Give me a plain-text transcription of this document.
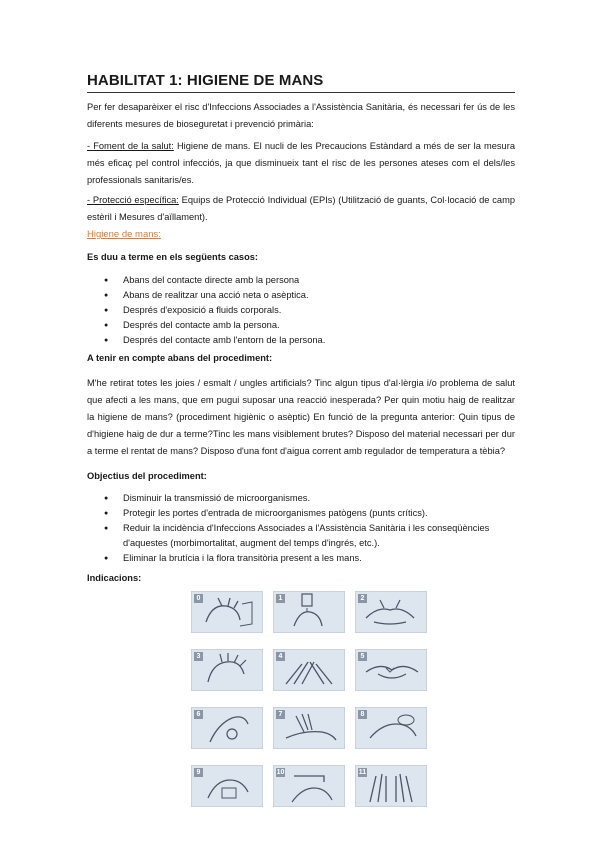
HABILITAT 1: HIGIENE DE MANS

Per fer desaparèixer el risc d'Infeccions Associades a l'Assistència Sanitària, és necessari fer ús de les diferents mesures de bioseguretat i prevenció primària:

- Foment de la salut: Higiene de mans. El nucli de les Precaucions Estàndard a més de ser la mesura més eficaç pel control infecciós, ja que disminueix tant el risc de les persones ateses com el dels/les professionals sanitaris/es.

- Protecció específica: Equips de Protecció Individual (EPIs) (Utilització de guants, Col·locació de camp estèril i Mesures d'aïllament).

Higiene de mans:
Es duu a terme en els següents casos:
● Abans del contacte directe amb la persona
● Abans de realitzar una acció neta o asèptica.
● Després d'exposició a fluids corporals.
● Després del contacte amb la persona.
● Després del contacte amb l'entorn de la persona.
A tenir en compte abans del procediment:

M'he retirat totes les joies / esmalt / ungles artificials? Tinc algun tipus d'al·lèrgia i/o problema de salut que afecti a les mans, que em pugui suposar una reacció inesperada? Per quin motiu haig de realitzar la higiene de mans? (procediment higiènic o asèptic) En funció de la pregunta anterior: Quin tipus de d'higiene haig de dur a terme?Tinc les mans visiblement brutes? Disposo del material necessari per dur a terme el rentat de mans? Disposo d'una font d'aigua corrent amb regulador de temperatura a tèbia?

Objectius del procediment:
● Disminuir la transmissió de microorganismes.
● Protegir les portes d'entrada de microorganismes patògens (punts crítics).
● Reduir la incidència d'Infeccions Associades a l'Assistència Sanitària i les conseqüències d'aquestes (morbimortalitat, augment del temps d'ingrés, etc.).
● Eliminar la brutícia i la flora transitòria present a les mans.
Indicacions:
0	1	2
3	4	5
6	7	8
9	10	11
